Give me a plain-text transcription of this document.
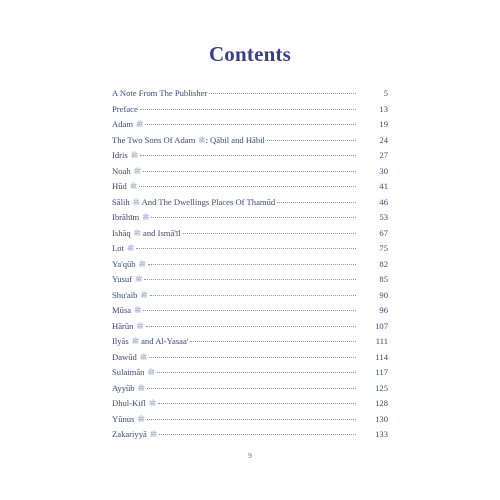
Contents
A Note From The Publisher	5
Preface	13
Adam ﷺ	19
The Two Sons Of Adam ﷺ: Qābil and Hābil	24
Idris ﷺ	27
Noah ﷺ	30
Hūd ﷺ	41
Sālih ﷺ And The Dwellings Places Of Thamūd	46
Ibrāhīm ﷺ	53
Ishāq ﷺ and Ismā'īl	67
Lot ﷺ	75
Ya'qūb ﷺ	82
Yusuf ﷺ	85
Shu'aib ﷺ	90
Mūsa ﷺ	96
Hārūn ﷺ	107
Ilyās ﷺ and Al-Yasaa'	111
Dawūd ﷺ	114
Sulaimān ﷺ	117
Ayyūb ﷺ	125
Dhul-Kifl ﷺ	128
Yūnus ﷺ	130
Zakariyyā ﷺ	133
9
